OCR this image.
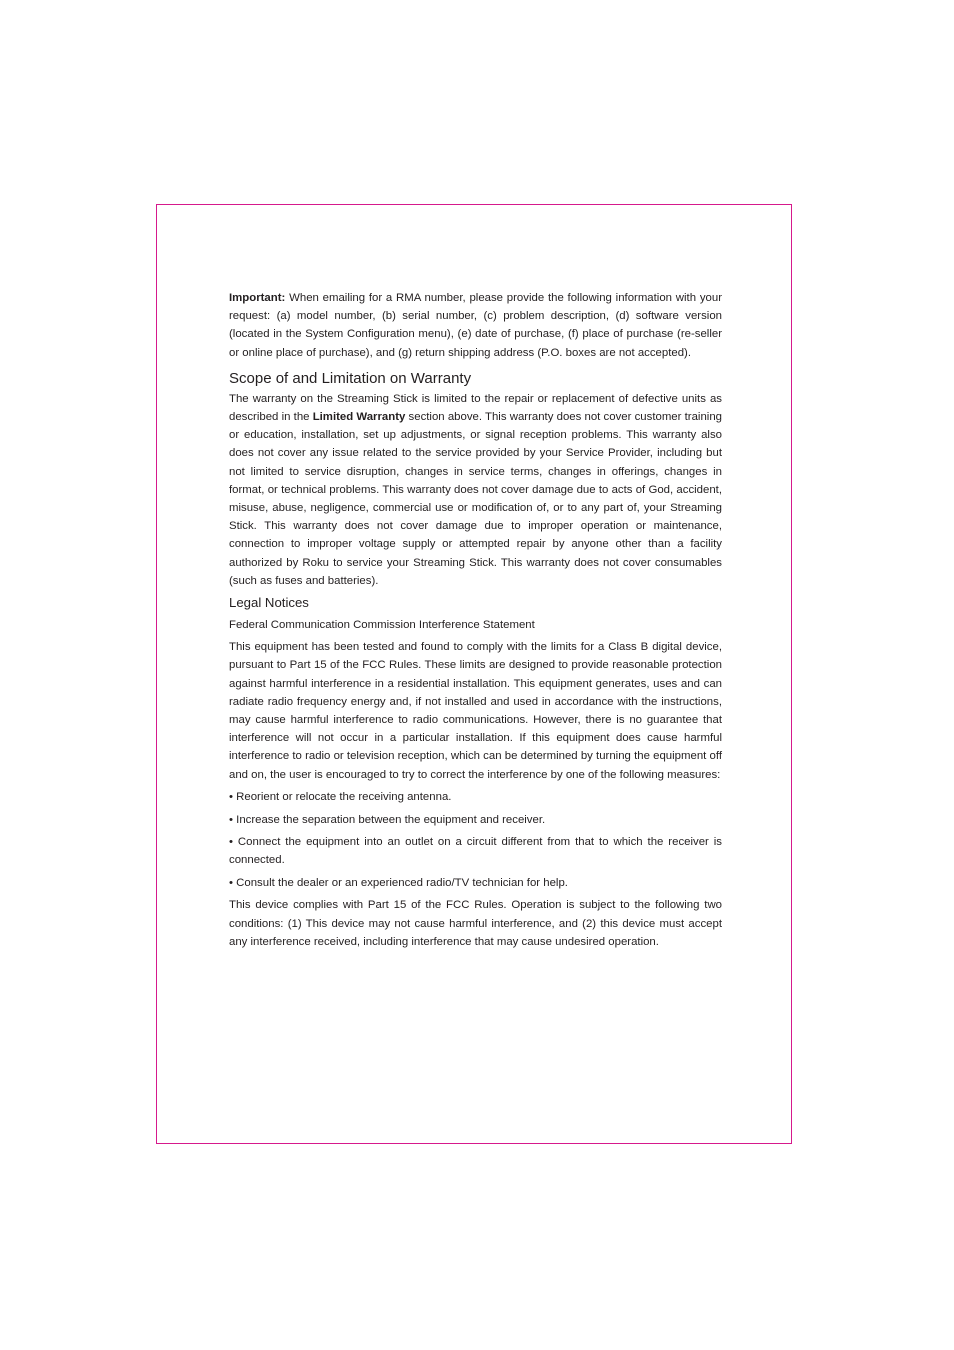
Important: When emailing for a RMA number, please provide the following information with your request: (a) model number, (b) serial number, (c) problem description, (d) software version (located in the System Configuration menu), (e) date of purchase, (f) place of purchase (re-seller or online place of purchase), and (g) return shipping address (P.O. boxes are not accepted).

Scope of and Limitation on Warranty

The warranty on the Streaming Stick is limited to the repair or replacement of defective units as described in the Limited Warranty section above. This warranty does not cover customer training or education, installation, set up adjustments, or signal reception problems. This warranty also does not cover any issue related to the service provided by your Service Provider, including but not limited to service disruption, changes in service terms, changes in offerings, changes in format, or technical problems. This warranty does not cover damage due to acts of God, accident, misuse, abuse, negligence, commercial use or modification of, or to any part of, your Streaming Stick. This warranty does not cover damage due to improper operation or maintenance, connection to improper voltage supply or attempted repair by anyone other than a facility authorized by Roku to service your Streaming Stick. This warranty does not cover consumables (such as fuses and batteries).

Legal Notices

Federal Communication Commission Interference Statement

This equipment has been tested and found to comply with the limits for a Class B digital device, pursuant to Part 15 of the FCC Rules. These limits are designed to provide reasonable protection against harmful interference in a residential installation. This equipment generates, uses and can radiate radio frequency energy and, if not installed and used in accordance with the instructions, may cause harmful interference to radio communications. However, there is no guarantee that interference will not occur in a particular installation. If this equipment does cause harmful interference to radio or television reception, which can be determined by turning the equipment off and on, the user is encouraged to try to correct the interference by one of the following measures:

• Reorient or relocate the receiving antenna.

• Increase the separation between the equipment and receiver.

• Connect the equipment into an outlet on a circuit different from that to which the receiver is connected.

• Consult the dealer or an experienced radio/TV technician for help.

This device complies with Part 15 of the FCC Rules. Operation is subject to the following two conditions: (1) This device may not cause harmful interference, and (2) this device must accept any interference received, including interference that may cause undesired operation.
